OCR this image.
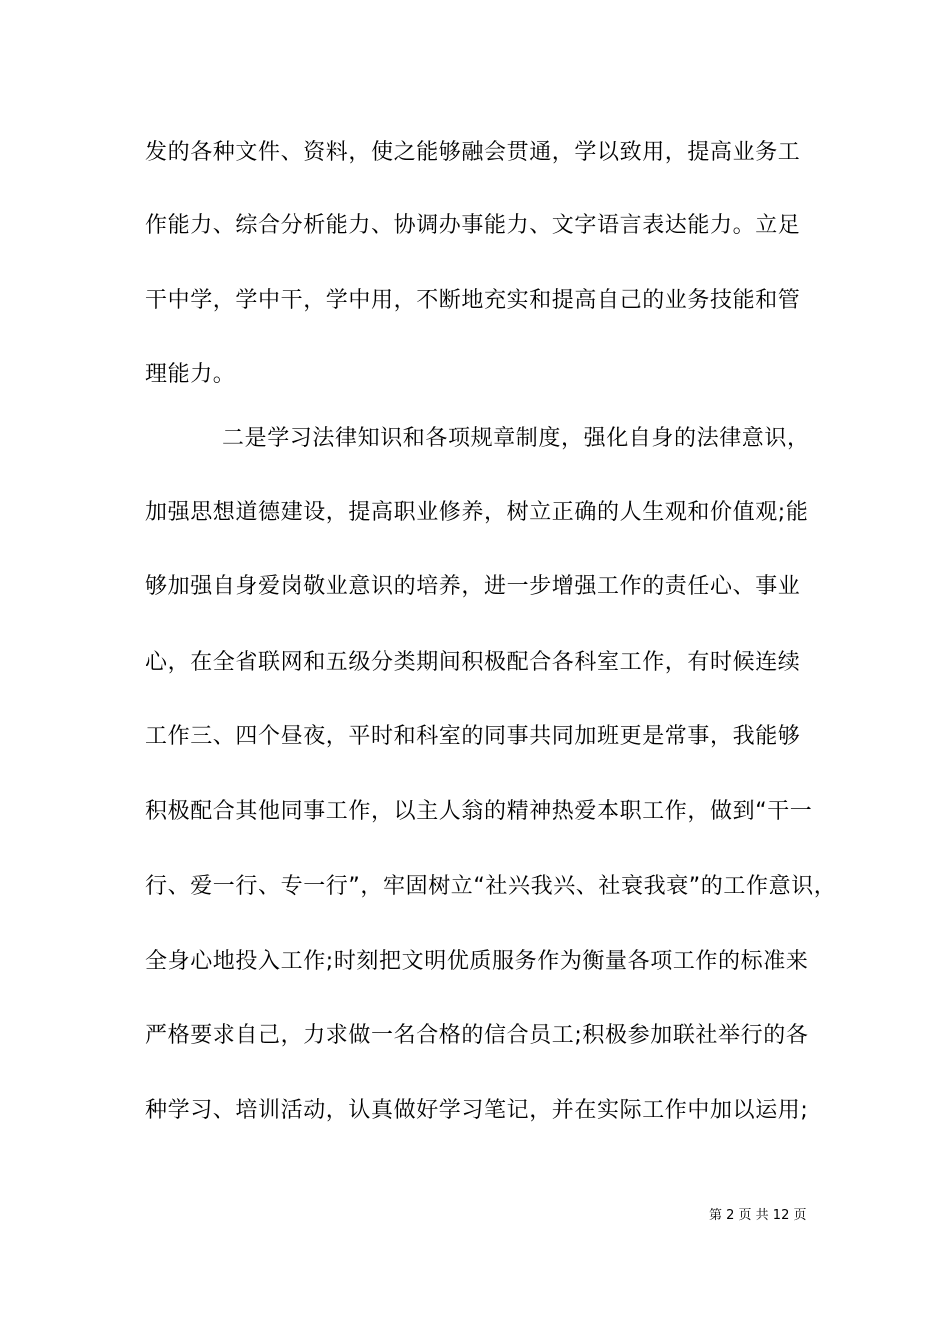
发的各种文件、资料，使之能够融会贯通，学以致用，提高业务工
作能力、综合分析能力、协调办事能力、文字语言表达能力。立足
干中学，学中干，学中用，不断地充实和提高自己的业务技能和管
理能力。
二是学习法律知识和各项规章制度，强化自身的法律意识，
加强思想道德建设，提高职业修养，树立正确的人生观和价值观;能
够加强自身爱岗敬业意识的培养，进一步增强工作的责任心、事业
心，在全省联网和五级分类期间积极配合各科室工作，有时候连续
工作三、四个昼夜，平时和科室的同事共同加班更是常事，我能够
积极配合其他同事工作，以主人翁的精神热爱本职工作，做到“干一
行、爱一行、专一行”，牢固树立“社兴我兴、社衰我衰”的工作意识，
全身心地投入工作;时刻把文明优质服务作为衡量各项工作的标准来
严格要求自己，力求做一名合格的信合员工;积极参加联社举行的各
种学习、培训活动，认真做好学习笔记，并在实际工作中加以运用;
第 2 页 共 12 页
